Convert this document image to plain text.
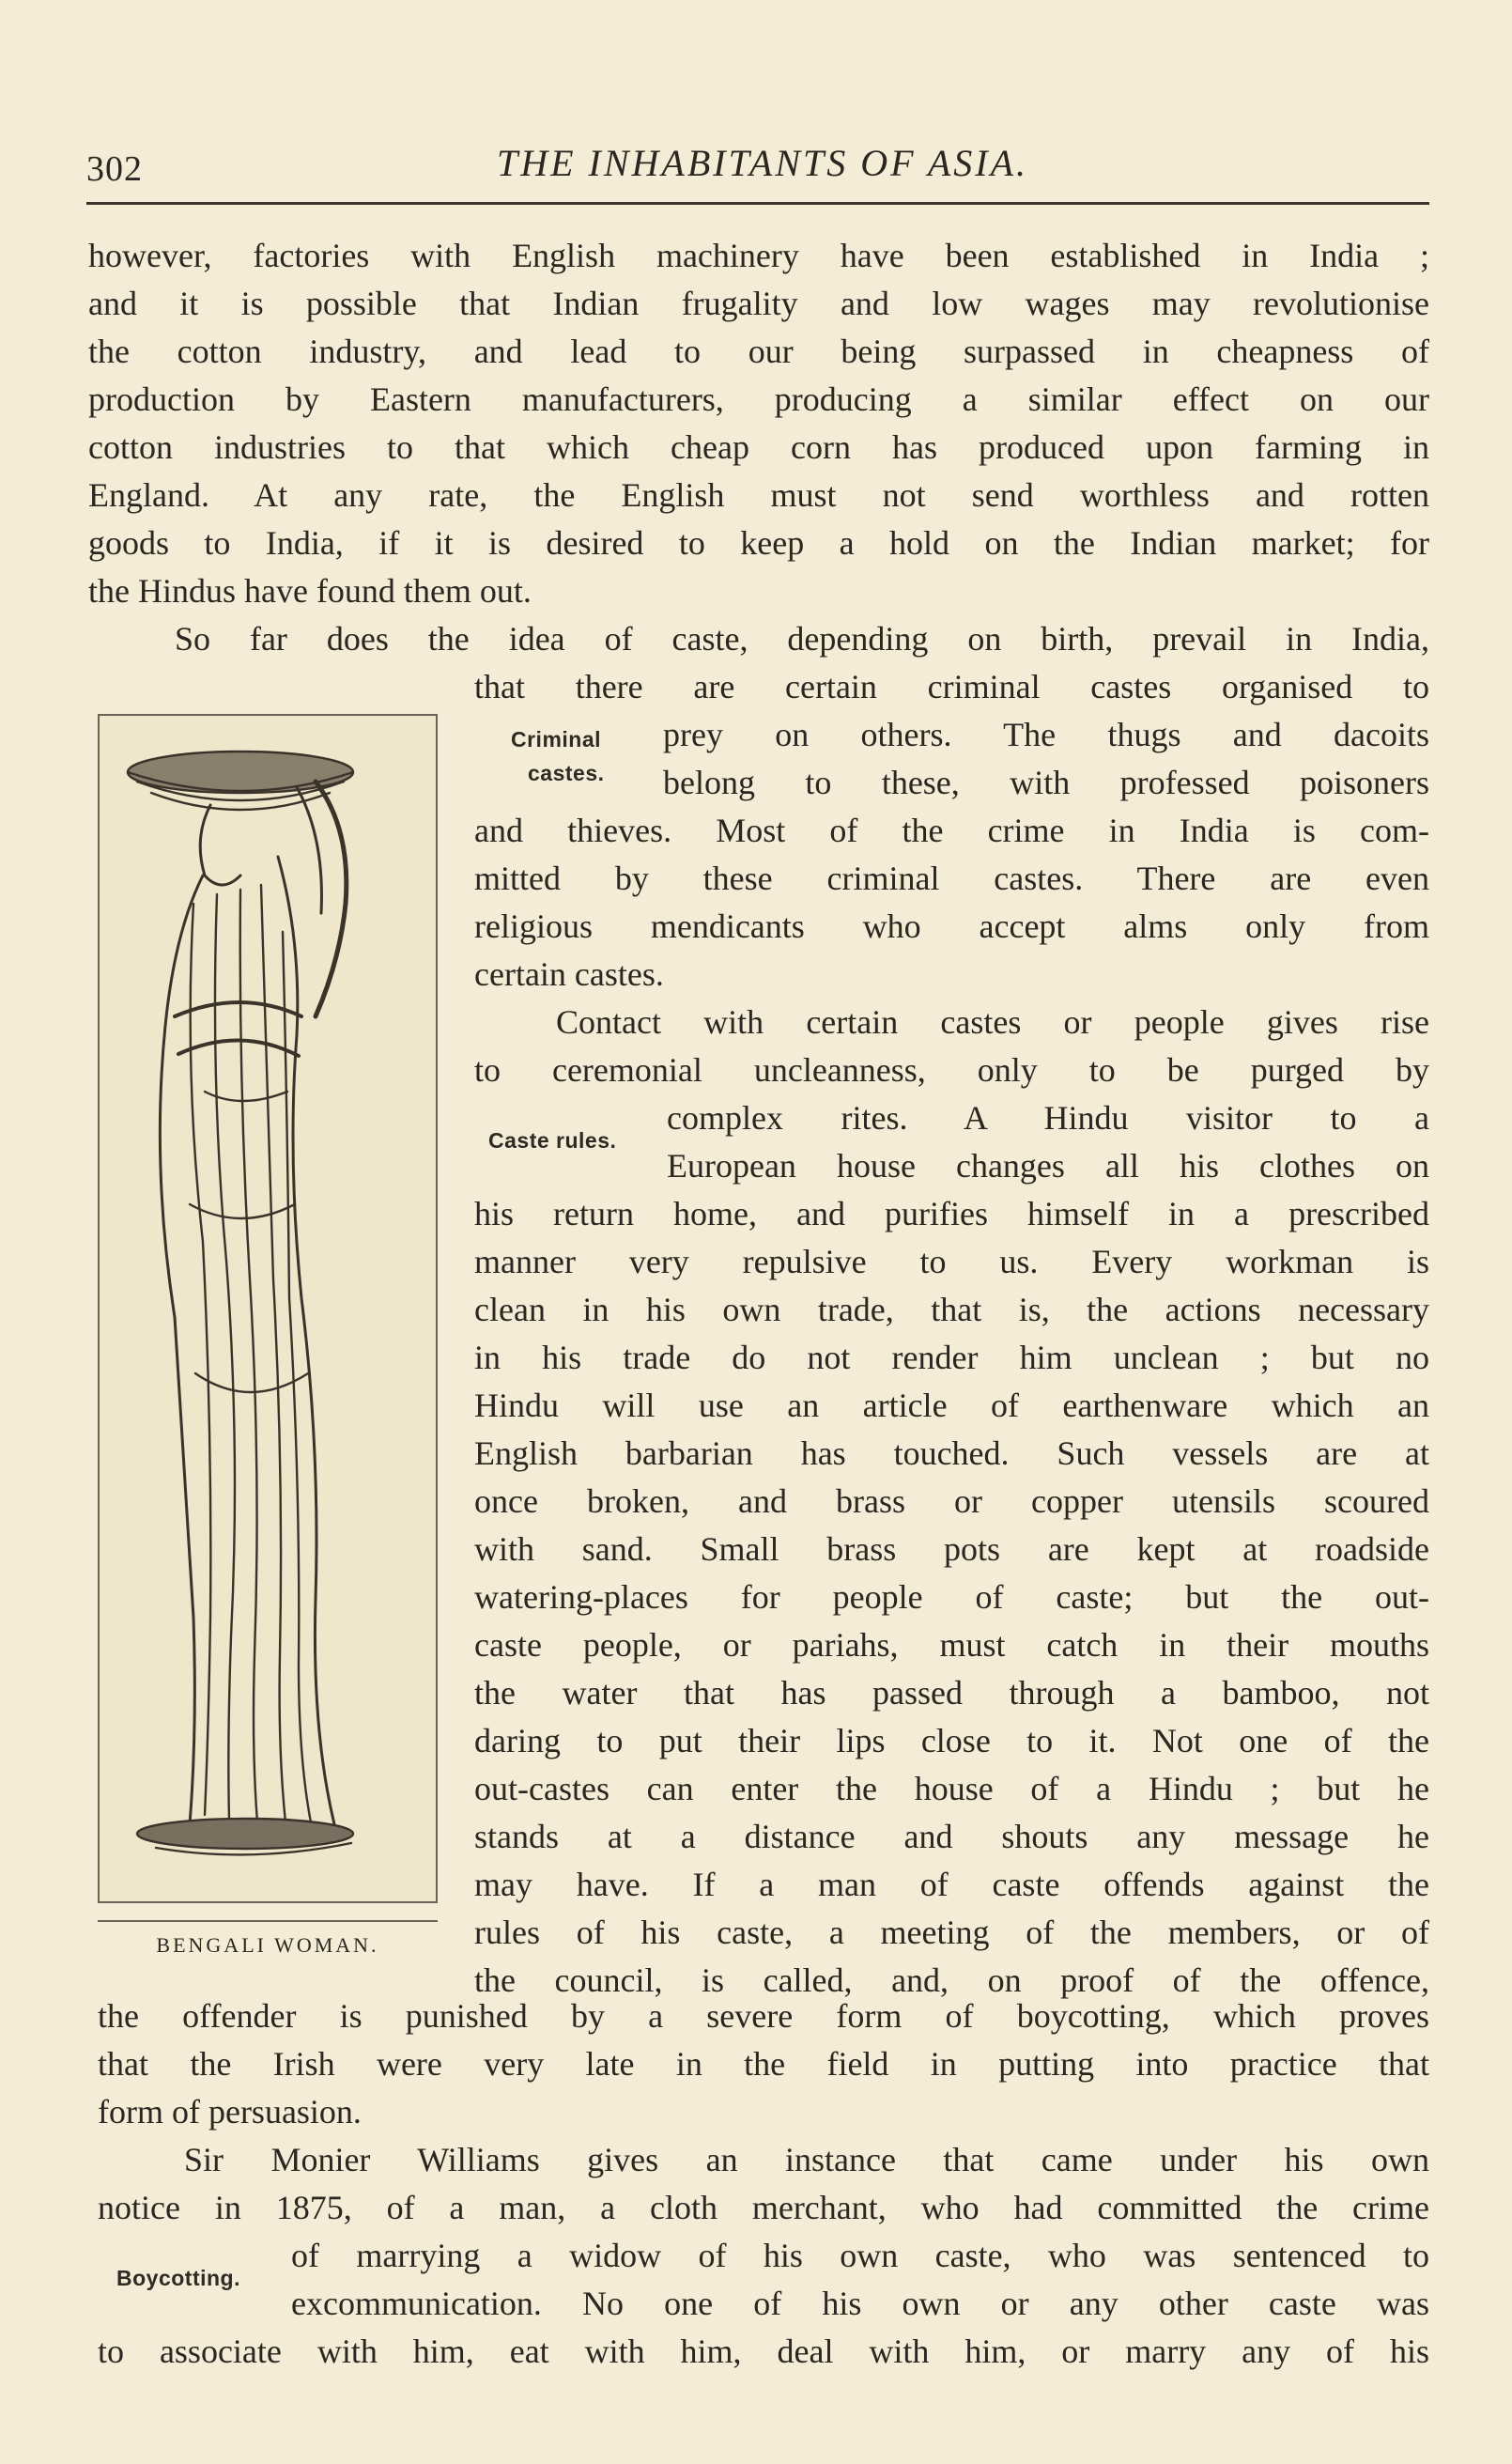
302	THE INHABITANTS OF ASIA.
however, factories with English machinery have been established in India ;
and it is possible that Indian frugality and low wages may revolutionise
the cotton industry, and lead to our being surpassed in cheapness of
production by Eastern manufacturers, producing a similar effect on our
cotton industries to that which cheap corn has produced upon farming in
England. At any rate, the English must not send worthless and rotten
goods to India, if it is desired to keep a hold on the Indian market; for
the Hindus have found them out.
So far does the idea of caste, depending on birth, prevail in India,
that there are certain criminal castes organised to
prey on others. The thugs and dacoits
belong to these, with professed poisoners
and thieves. Most of the crime in India is com-
mitted by these criminal castes. There are even
religious mendicants who accept alms only from
certain castes.
Criminal
castes.
Contact with certain castes or people gives rise
to ceremonial uncleanness, only to be purged by
complex rites. A Hindu visitor to a
European house changes all his clothes on
his return home, and purifies himself in a prescribed
manner very repulsive to us. Every workman is
clean in his own trade, that is, the actions necessary
in his trade do not render him unclean ; but no
Hindu will use an article of earthenware which an
English barbarian has touched. Such vessels are at
once broken, and brass or copper utensils scoured
with sand. Small brass pots are kept at roadside
watering-places for people of caste; but the out-
caste people, or pariahs, must catch in their mouths
the water that has passed through a bamboo, not
daring to put their lips close to it. Not one of the
out-castes can enter the house of a Hindu ; but he
stands at a distance and shouts any message he
may have. If a man of caste offends against the
rules of his caste, a meeting of the members, or of
the council, is called, and, on proof of the offence,
the offender is punished by a severe form of boycotting, which proves
that the Irish were very late in the field in putting into practice that
form of persuasion.
Caste rules.
Sir Monier Williams gives an instance that came under his own
notice in 1875, of a man, a cloth merchant, who had committed the crime
of marrying a widow of his own caste, who was sentenced to
excommunication. No one of his own or any other caste was
to associate with him, eat with him, deal with him, or marry any of his
Boycotting.
BENGALI WOMAN.
